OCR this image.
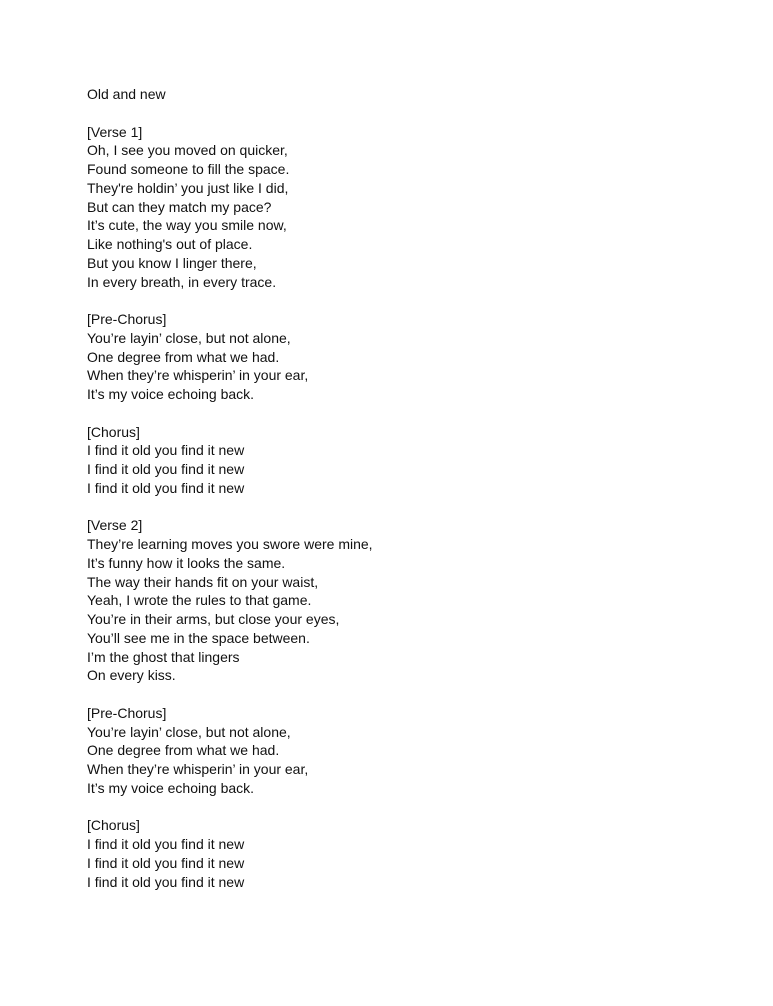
Old and new
[Verse 1]
Oh, I see you moved on quicker,
Found someone to fill the space.
They're holdin’ you just like I did,
But can they match my pace?
It’s cute, the way you smile now,
Like nothing's out of place.
But you know I linger there,
In every breath, in every trace.
[Pre-Chorus]
You’re layin’ close, but not alone,
One degree from what we had.
When they’re whisperin’ in your ear,
It’s my voice echoing back.
[Chorus]
I find it old you find it new
I find it old you find it new
I find it old you find it new
[Verse 2]
They’re learning moves you swore were mine,
It’s funny how it looks the same.
The way their hands fit on your waist,
Yeah, I wrote the rules to that game.
You’re in their arms, but close your eyes,
You’ll see me in the space between.
I’m the ghost that lingers
On every kiss.
[Pre-Chorus]
You’re layin’ close, but not alone,
One degree from what we had.
When they’re whisperin’ in your ear,
It’s my voice echoing back.
[Chorus]
I find it old you find it new
I find it old you find it new
I find it old you find it new
